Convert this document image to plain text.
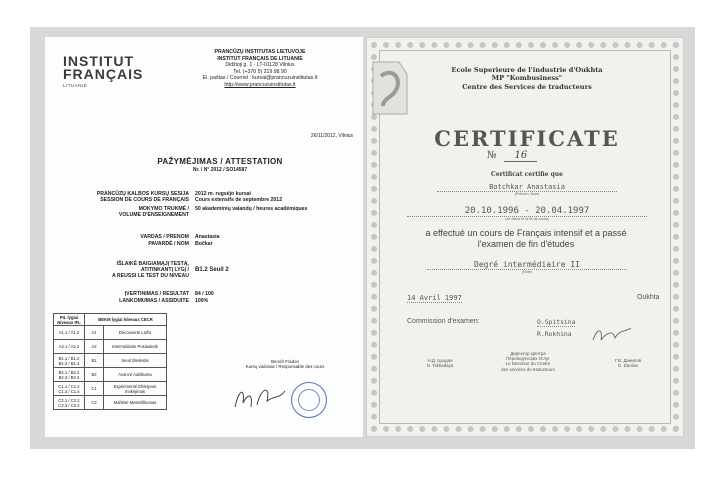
INSTITUT
FRANÇAIS
LITUANIE
PRANCŪZŲ INSTITUTAS LIETUVOJE
INSTITUT FRANÇAIS DE LITUANIE
Didžioji g. 1 - LT-01128 Vilnius
Tel. (+370 5) 219 98 90
El. paštas / Courriel : kursai@prancuzuinstitutas.lt
http://www.prancuzuinstitutas.lt
26/11/2012, Vilnius
PAŽYMĖJIMAS / ATTESTATION
Nr. / N° 2012 / SO14587
PRANCŪZŲ KALBOS KURSŲ SESIJA	2012 m. rugsėjo kursai
SESSION DE COURS DE FRANÇAIS	Cours extensifs de septembre 2012
MOKYMO TRUKMĖ /	50 akademinių valandų / heures académiques
VOLUME D'ENSEIGNEMENT
VARDAS / PRENOM	Anastasia
PAVARDĖ / NOM	Bočkar
IŠLAIKĖ BAIGIAMĄJĮ TESTĄ,
ATITINKANTĮ LYGĮ /	B1.2 Seuil 2
A REUSSI LE TEST DU NIVEAU
ĮVERTINIMAS / RESULTAT	84 / 100
LANKOMUMAS / ASSIDUITE	100%
PIL lygiai Niveaux IFL	BEKM lygiai Niveaux CECR	
A1.1 / A1.2	A1	Découverte Lūžis
A2.1 / A2.2	A2	Intermédiaire Pusiaukelė
B1.1 / B1.2 B1.3 / B1.4	B1	Seuil Slenkstis
B2.1 / B2.2 B2.3 / B2.4	B2	Avancé Aukštuma
C1.1 / C1.2 C1.3 / C1.4	C1	Expérimenté Efektyvus mokėjimas
C2.1 / C2.2 C2.3 / C2.4	C2	Maîtrise Meistriškumas
Benoît Fradon
Kursų vadovas / Responsable des cours
Ecole Superieure de l'industrie d'Oukhta
MP "Kombusiness"
Centre des Services de traducteurs
CERTIFICATE
№ 16
Certificat certifie que
Botchkar Anastasia
(Prénom, Nom)
20.10.1996 - 20.04.1997
(de début et la fin de cours)
a effectué un cours de Français intensif et a passé
l'examen de fin d'études
Degré intermédiaire II
(Note)
14 Avril 1997	Oukhta
Commission d'examen:	O.Spitsina
R.Rokhina
Н.Д. Цхадая
N. Tskhadaya
Директор Центра
Переводческих Услуг
Le Directeur du Centre
des services de traducteurs
Г.В. Данилов
G. Danilov
